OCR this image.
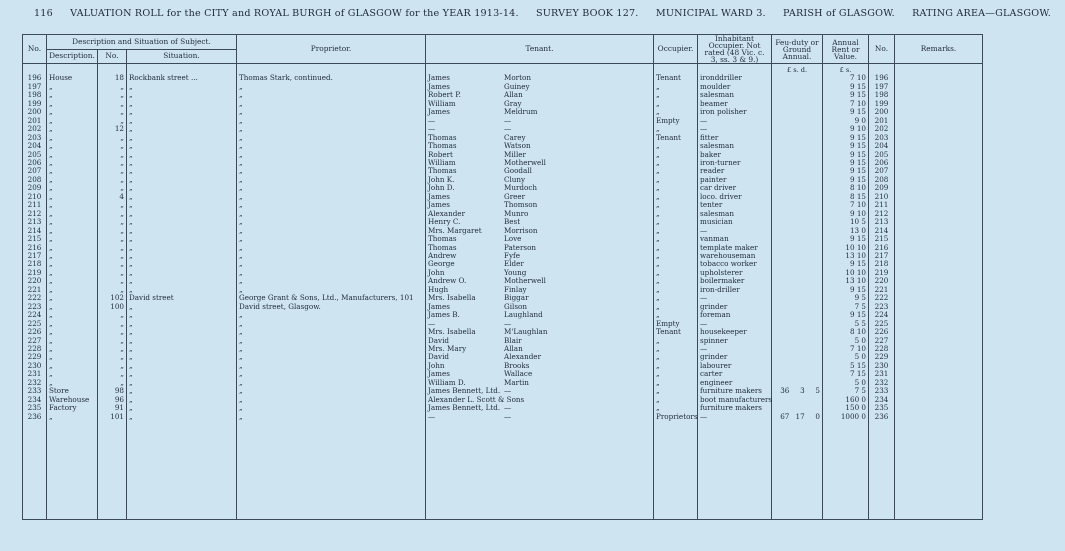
116 VALUATION ROLL for the CITY and ROYAL BURGH of GLASGOW for the YEAR 1913-14. SURVEY BOOK 127. MUNICIPAL WARD 3. PARISH of GLASGOW. RATING AREA—GLASGOW.
No.	Description and Situation of Subject.			Proprietor.	Tenant.	Occupier.	Inhabitant Occupier. Not rated (48 Vic. c. 3, ss. 3 & 9.)	Feu-duty or Ground Annual.	Annual Rent or Value.	No.	Remarks.
	Description.	No.	Situation.								
								£ s. d.	£ s.		
196	House	18	Rockbank street ...	Thomas Stark, continued.	James Morton	Tenant	ironddriller		7 10	196	
197	„	„	„	„	James Guiney	„	moulder		9 15	197	
198	„	„	„	„	Robert P. Allan	„	salesman		9 15	198	
199	„	„	„	„	William Gray	„	beamer		7 10	199	
200	„	„	„	„	James Meldrum	„	iron polisher		9 15	200	
201	„	„	„	„	— —	Empty	—		9 0	201	
202	„	12	„	„	— —	„	—		9 10	202	
203	„	„	„	„	Thomas Carey	Tenant	fitter		9 15	203	
204	„	„	„	„	Thomas Watson	„	salesman		9 15	204	
205	„	„	„	„	Robert Miller	„	baker		9 15	205	
206	„	„	„	„	William Motherwell	„	iron-turner		9 15	206	
207	„	„	„	„	Thomas Goodall	„	reader		9 15	207	
208	„	„	„	„	John K. Cluny	„	painter		9 15	208	
209	„	„	„	„	John D. Murdoch	„	car driver		8 10	209	
210	„	4	„	„	James Greer	„	loco. driver		8 15	210	
211	„	„	„	„	James Thomson	„	tenter		7 10	211	
212	„	„	„	„	Alexander Munro	„	salesman		9 10	212	
213	„	„	„	„	Henry C. Best	„	musician		10 5	213	
214	„	„	„	„	Mrs. Margaret Morrison	„	—		13 0	214	
215	„	„	„	„	Thomas Love	„	vanman		9 15	215	
216	„	„	„	„	Thomas Paterson	„	template maker		10 10	216	
217	„	„	„	„	Andrew Fyfe	„	warehouseman		13 10	217	
218	„	„	„	„	George Elder	„	tobacco worker		9 15	218	
219	„	„	„	„	John Young	„	upholsterer		10 10	219	
220	„	„	„	„	Andrew O. Motherwell	„	boilermaker		13 10	220	
221	„	„	„	„	Hugh Finlay	„	iron-driller		9 15	221	
222	„	102	David street	George Grant & Sons, Ltd., Manufacturers, 101	Mrs. Isabella Biggar	„	—		9 5	222	
223	„	100	„	David street, Glasgow.	James Gilson	„	grinder		7 5	223	
224	„	„	„	„	James B. Laughland	„	foreman		9 15	224	
225	„	„	„	„	— —	Empty	—		5 5	225	
226	„	„	„	„	Mrs. Isabella M'Laughlan	Tenant	housekeeper		8 10	226	
227	„	„	„	„	David Blair	„	spinner		5 0	227	
228	„	„	„	„	Mrs. Mary Allan	„	—		7 10	228	
229	„	„	„	„	David Alexander	„	grinder		5 0	229	
230	„	„	„	„	John Brooks	„	labourer		5 15	230	
231	„	„	„	„	James Wallace	„	carter		7 15	231	
232	„	„	„	„	William D. Martin	„	engineer		5 0	232	
233	Store	98	„	„	James Bennett, Ltd. —	„	furniture makers	36 3 5	7 5	233	
234	Warehouse	96	„	„	Alexander L. Scott & Sons	„	boot manufacturers		160 0	234	
235	Factory	91	„	„	James Bennett, Ltd. —	„	furniture makers		150 0	235	
236	„	101	„	„	— —	Proprietors	—	67 17 0	1000 0	236	
